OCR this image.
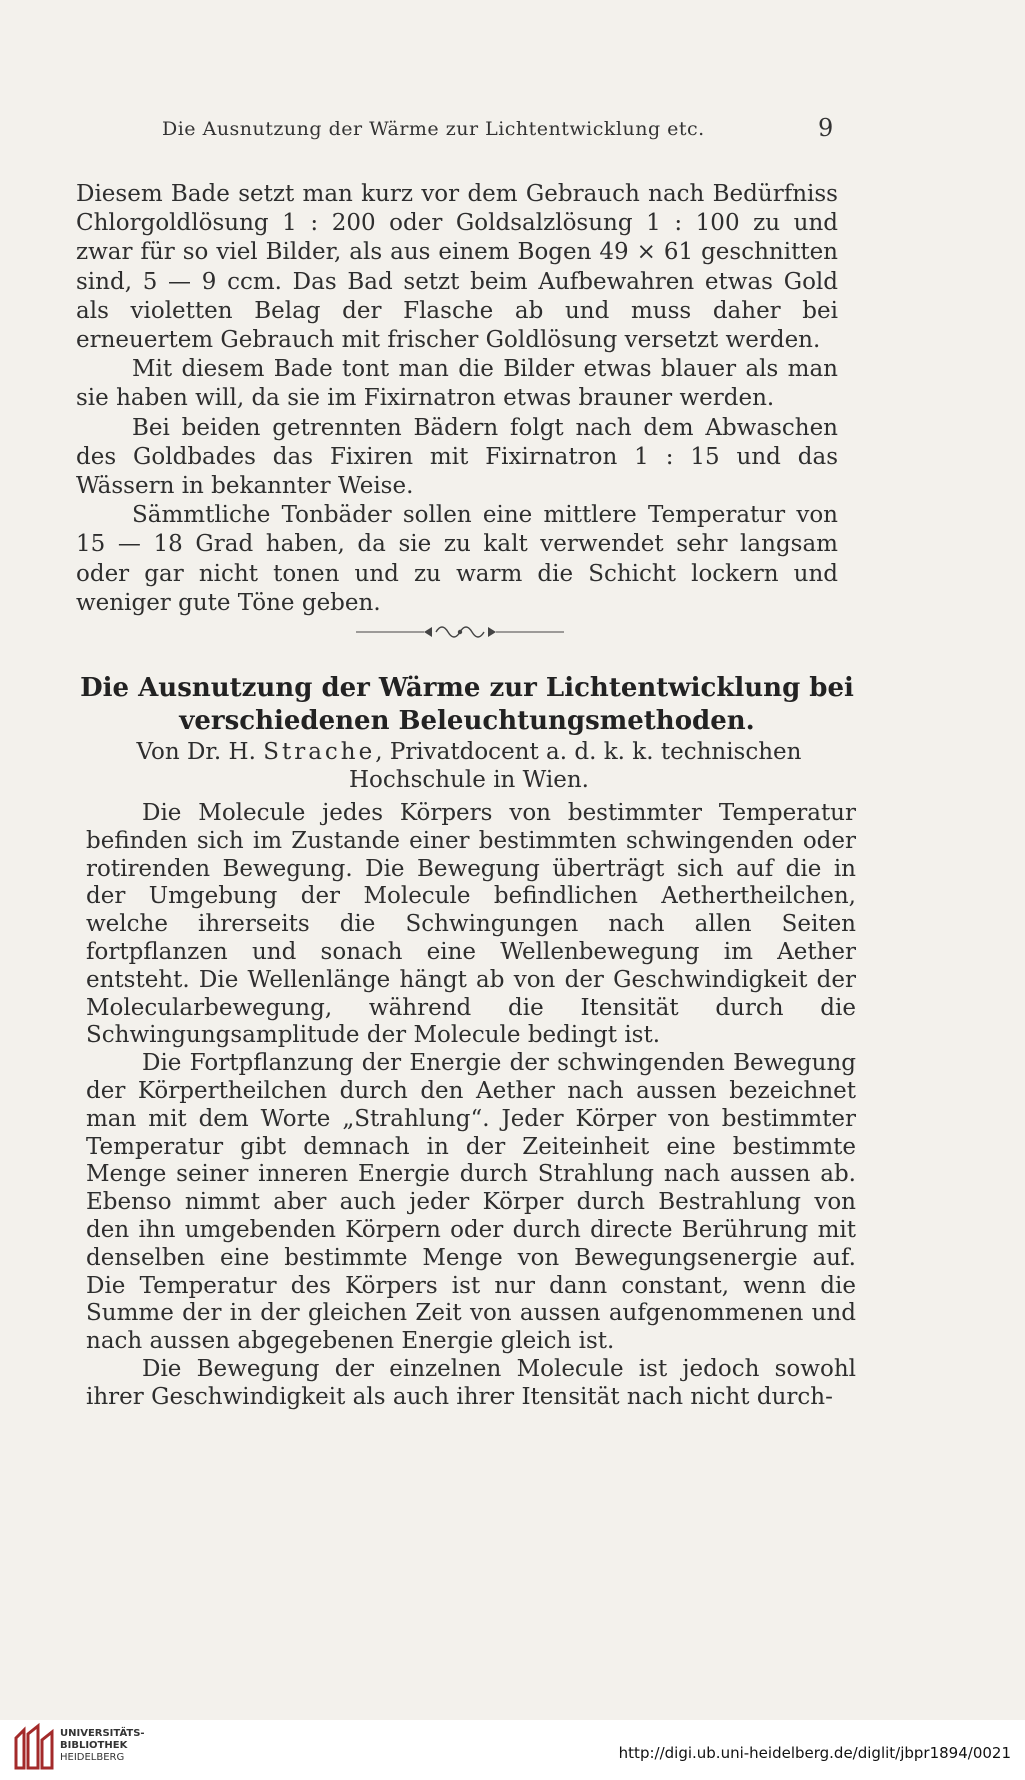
Die Ausnutzung der Wärme zur Lichtentwicklung etc.	9

Diesem Bade setzt man kurz vor dem Gebrauch nach Bedürfniss Chlorgoldlösung 1 : 200 oder Goldsalzlösung 1 : 100 zu und zwar für so viel Bilder, als aus einem Bogen 49 × 61 geschnitten sind, 5 — 9 ccm. Das Bad setzt beim Aufbewahren etwas Gold als violetten Belag der Flasche ab und muss daher bei erneuertem Gebrauch mit frischer Goldlösung versetzt werden.

Mit diesem Bade tont man die Bilder etwas blauer als man sie haben will, da sie im Fixirnatron etwas brauner werden.

Bei beiden getrennten Bädern folgt nach dem Abwaschen des Goldbades das Fixiren mit Fixirnatron 1 : 15 und das Wässern in bekannter Weise.

Sämmtliche Tonbäder sollen eine mittlere Temperatur von 15 — 18 Grad haben, da sie zu kalt verwendet sehr langsam oder gar nicht tonen und zu warm die Schicht lockern und weniger gute Töne geben.

Die Ausnutzung der Wärme zur Lichtentwicklung bei
verschiedenen Beleuchtungsmethoden.
Von Dr. H. Strache, Privatdocent a. d. k. k. technischen
Hochschule in Wien.

Die Molecule jedes Körpers von bestimmter Temperatur befinden sich im Zustande einer bestimmten schwingenden oder rotirenden Bewegung. Die Bewegung überträgt sich auf die in der Umgebung der Molecule befindlichen Aethertheilchen, welche ihrerseits die Schwingungen nach allen Seiten fortpflanzen und sonach eine Wellenbewegung im Aether entsteht. Die Wellenlänge hängt ab von der Geschwindigkeit der Molecularbewegung, während die Itensität durch die Schwingungsamplitude der Molecule bedingt ist.

Die Fortpflanzung der Energie der schwingenden Bewegung der Körpertheilchen durch den Aether nach aussen bezeichnet man mit dem Worte „Strahlung“. Jeder Körper von bestimmter Temperatur gibt demnach in der Zeiteinheit eine bestimmte Menge seiner inneren Energie durch Strahlung nach aussen ab. Ebenso nimmt aber auch jeder Körper durch Bestrahlung von den ihn umgebenden Körpern oder durch directe Berührung mit denselben eine bestimmte Menge von Bewegungsenergie auf. Die Temperatur des Körpers ist nur dann constant, wenn die Summe der in der gleichen Zeit von aussen aufgenommenen und nach aussen abgegebenen Energie gleich ist.

Die Bewegung der einzelnen Molecule ist jedoch sowohl ihrer Geschwindigkeit als auch ihrer Itensität nach nicht durch-

UNIVERSITÄTS-
BIBLIOTHEK
HEIDELBERG	http://digi.ub.uni-heidelberg.de/diglit/jbpr1894/0021
